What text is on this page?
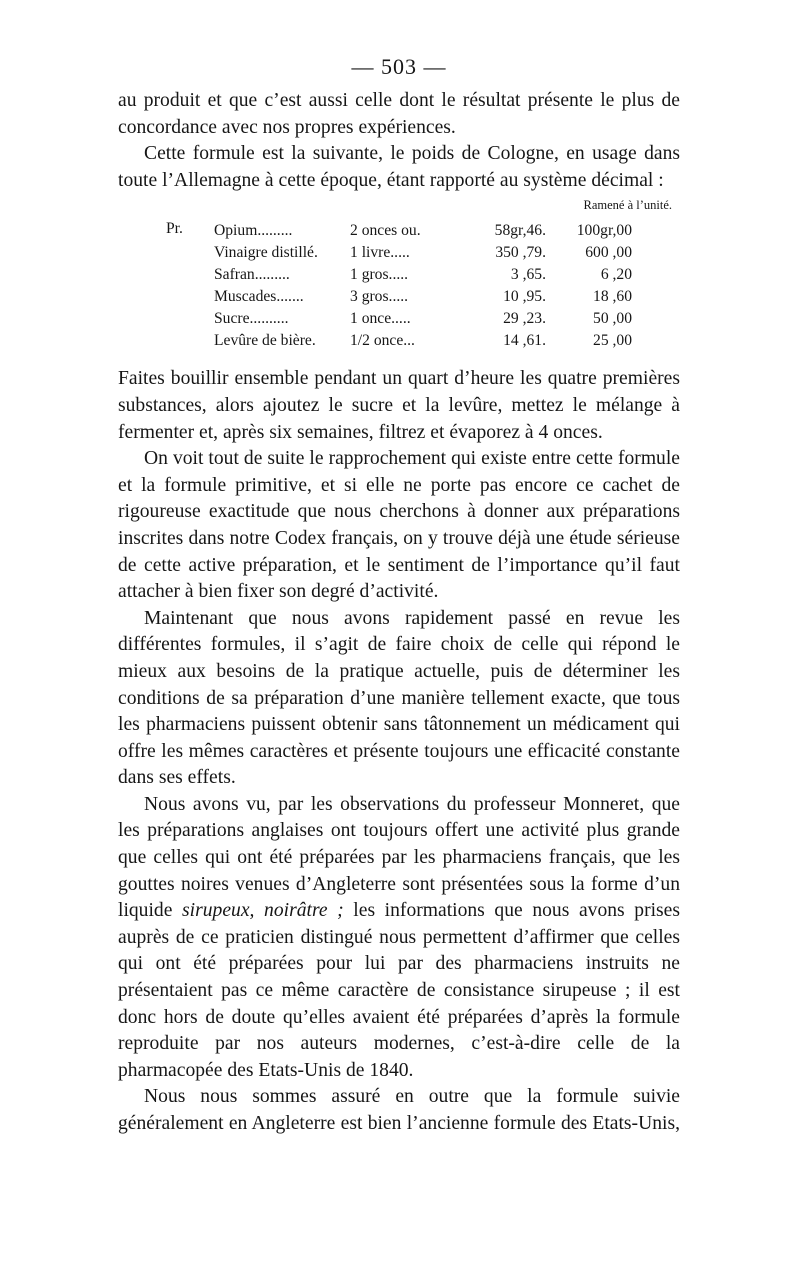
— 503 —

au produit et que c’est aussi celle dont le résultat présente le plus de concordance avec nos propres expériences.

Cette formule est la suivante, le poids de Cologne, en usage dans toute l’Allemagne à cette époque, étant rapporté au système décimal :

Ramené à l’unité.
Pr. Opium.........	2 onces ou.	58gr,46.	100gr,00
Vinaigre distillé. 1 livre.....	350 ,79.	600 ,00
Safran.........	1 gros.....	3 ,65.	6 ,20
Muscades.......	3 gros.....	10 ,95.	18 ,60
Sucre..........	1 once.....	29 ,23.	50 ,00
Levûre de bière. 1/2 once...	14 ,61.	25 ,00

Faites bouillir ensemble pendant un quart d’heure les quatre premières substances, alors ajoutez le sucre et la levûre, mettez le mélange à fermenter et, après six semaines, filtrez et évaporez à 4 onces.

On voit tout de suite le rapprochement qui existe entre cette formule et la formule primitive, et si elle ne porte pas encore ce cachet de rigoureuse exactitude que nous cherchons à donner aux préparations inscrites dans notre Codex français, on y trouve déjà une étude sérieuse de cette active préparation, et le sentiment de l’importance qu’il faut attacher à bien fixer son degré d’activité.

Maintenant que nous avons rapidement passé en revue les différentes formules, il s’agit de faire choix de celle qui répond le mieux aux besoins de la pratique actuelle, puis de déterminer les conditions de sa préparation d’une manière tellement exacte, que tous les pharmaciens puissent obtenir sans tâtonnement un médicament qui offre les mêmes caractères et présente toujours une efficacité constante dans ses effets.

Nous avons vu, par les observations du professeur Monneret, que les préparations anglaises ont toujours offert une activité plus grande que celles qui ont été préparées par les pharmaciens français, que les gouttes noires venues d’Angleterre sont présentées sous la forme d’un liquide sirupeux, noirâtre ; les informations que nous avons prises auprès de ce praticien distingué nous permettent d’affirmer que celles qui ont été préparées pour lui par des pharmaciens instruits ne présentaient pas ce même caractère de consistance sirupeuse ; il est donc hors de doute qu’elles avaient été préparées d’après la formule reproduite par nos auteurs modernes, c’est-à-dire celle de la pharmacopée des Etats-Unis de 1840.

Nous nous sommes assuré en outre que la formule suivie généralement en Angleterre est bien l’ancienne formule des Etats-Unis,
